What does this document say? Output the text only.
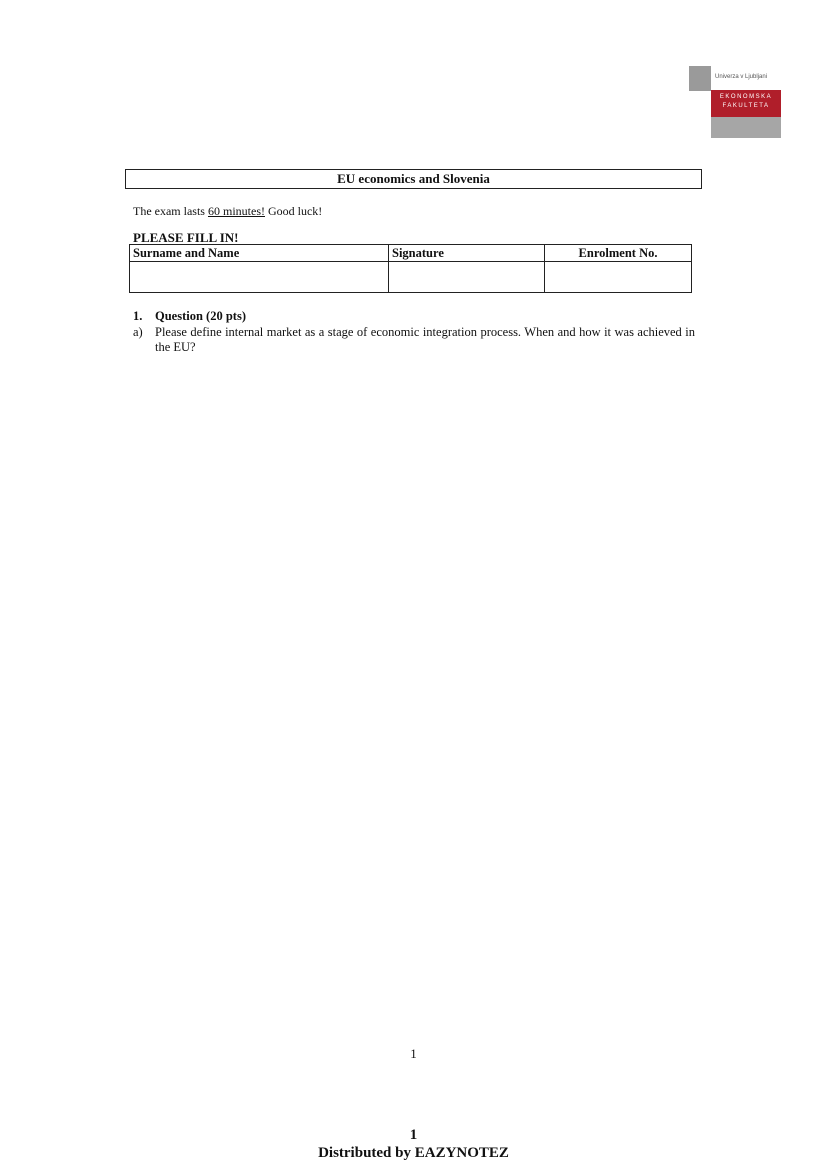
Univerza v Ljubljani
EKONOMSKA
FAKULTETA
EU economics and Slovenia
The exam lasts 60 minutes! Good luck!
PLEASE FILL IN!
Surname and Name	Signature	Enrolment No.

1. Question (20 pts)
a) Please define internal market as a stage of economic integration process. When and how it was achieved in the EU?
1
1
Distributed by EAZYNOTEZ
